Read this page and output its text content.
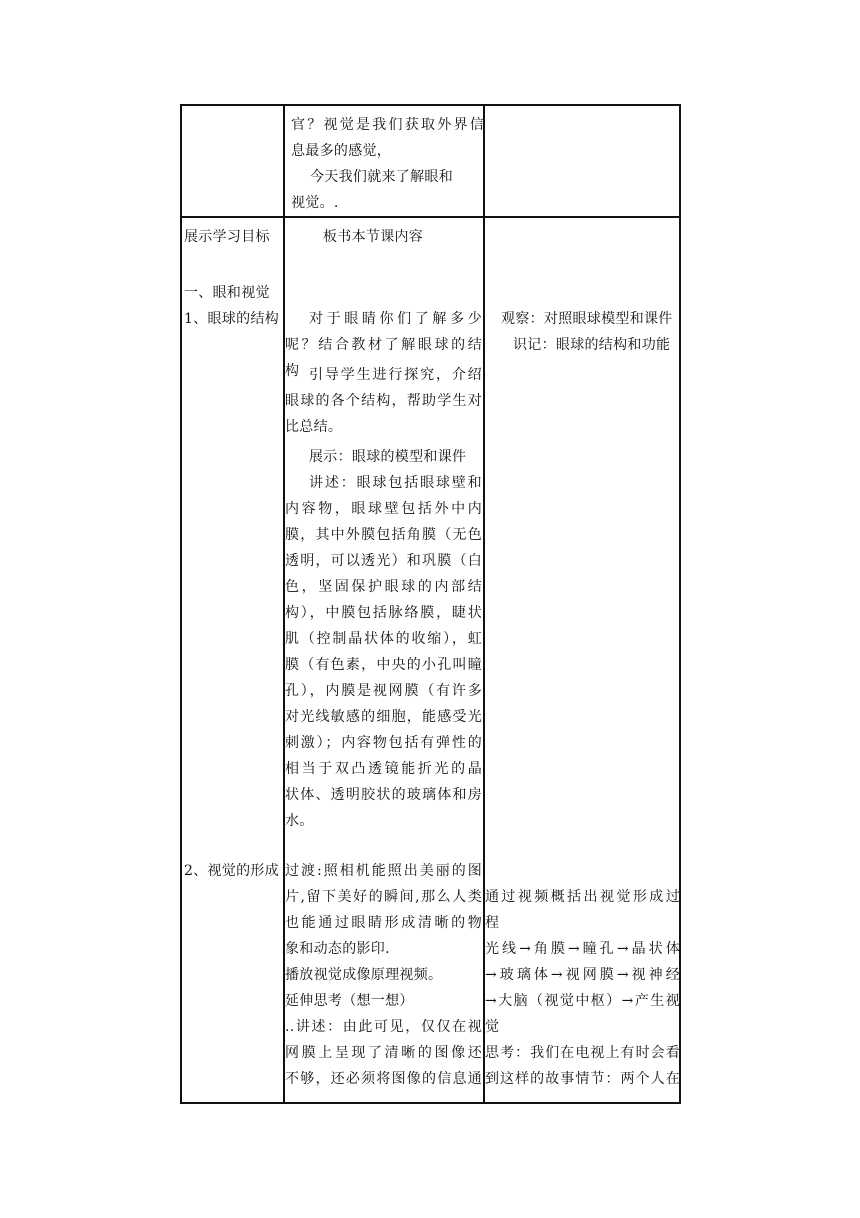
官？视觉是我们获取外界信
息最多的感觉，
今天我们就来了解眼和
视觉。.
展示学习目标
一、眼和视觉
1、眼球的结构
2、视觉的形成
板书本节课内容
对于眼睛你们了解多少
呢？结合教材了解眼球的结
构 引导学生进行探究，介绍
眼球的各个结构，帮助学生对
比总结。
展示：眼球的模型和课件
讲述：眼球包括眼球壁和
内容物，眼球壁包括外中内
膜，其中外膜包括角膜（无色
透明，可以透光）和巩膜（白
色，坚固保护眼球的内部结
构），中膜包括脉络膜，睫状
肌（控制晶状体的收缩），虹
膜（有色素，中央的小孔叫瞳
孔），内膜是视网膜（有许多
对光线敏感的细胞，能感受光
刺激）；内容物包括有弹性的
相当于双凸透镜能折光的晶
状体、透明胶状的玻璃体和房
水。
过渡:照相机能照出美丽的图
片,留下美好的瞬间,那么人类
也能通过眼睛形成清晰的物
象和动态的影印.
播放视觉成像原理视频。
延伸思考（想一想）
..讲述：由此可见，仅仅在视
网膜上呈现了清晰的图像还
不够，还必须将图像的信息通
观察：对照眼球模型和课件
识记：眼球的结构和功能
通过视频概括出视觉形成过
程
光线→角膜→瞳孔→晶状体
→玻璃体→视网膜→视神经
→大脑（视觉中枢）→产生视
觉
思考：我们在电视上有时会看
到这样的故事情节：两个人在
